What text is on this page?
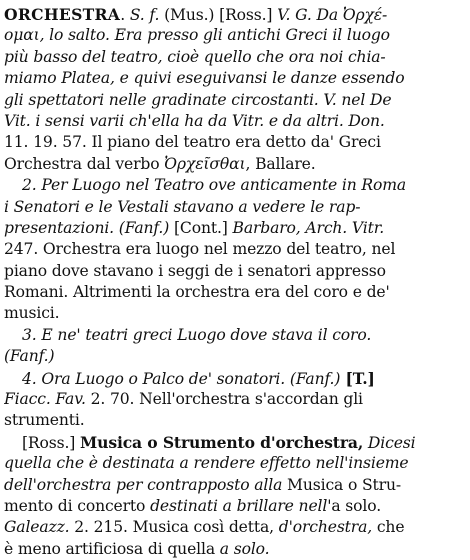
ORCHESTRA. S. f. (Mus.) [Ross.] V. G. Da Ὀρχέ-
ομαι, lo salto. Era presso gli antichi Greci il luogo
più basso del teatro, cioè quello che ora noi chia-
miamo Platea, e quivi eseguivansi le danze essendo
gli spettatori nelle gradinate circostanti. V. nel De
Vit. i sensi varii ch'ella ha da Vitr. e da altri. Don.
11. 19. 57. Il piano del teatro era detto da' Greci
Orchestra dal verbo Ὀρχεῖσθαι, Ballare.
2. Per Luogo nel Teatro ove anticamente in Roma
i Senatori e le Vestali stavano a vedere le rap-
presentazioni. (Fanf.) [Cont.] Barbaro, Arch. Vitr.
247. Orchestra era luogo nel mezzo del teatro, nel
piano dove stavano i seggi de i senatori appresso
Romani. Altrimenti la orchestra era del coro e de'
musici.
3. E ne' teatri greci Luogo dove stava il coro.
(Fanf.)
4. Ora Luogo o Palco de' sonatori. (Fanf.) [T.]
Fiacc. Fav. 2. 70. Nell'orchestra s'accordan gli
strumenti.
[Ross.] Musica o Strumento d'orchestra, Dicesi
quella che è destinata a rendere effetto nell'insieme
dell'orchestra per contrapposto alla Musica o Stru-
mento di concerto destinati a brillare nell'a solo.
Galeazz. 2. 215. Musica così detta, d'orchestra, che
è meno artificiosa di quella a solo.
